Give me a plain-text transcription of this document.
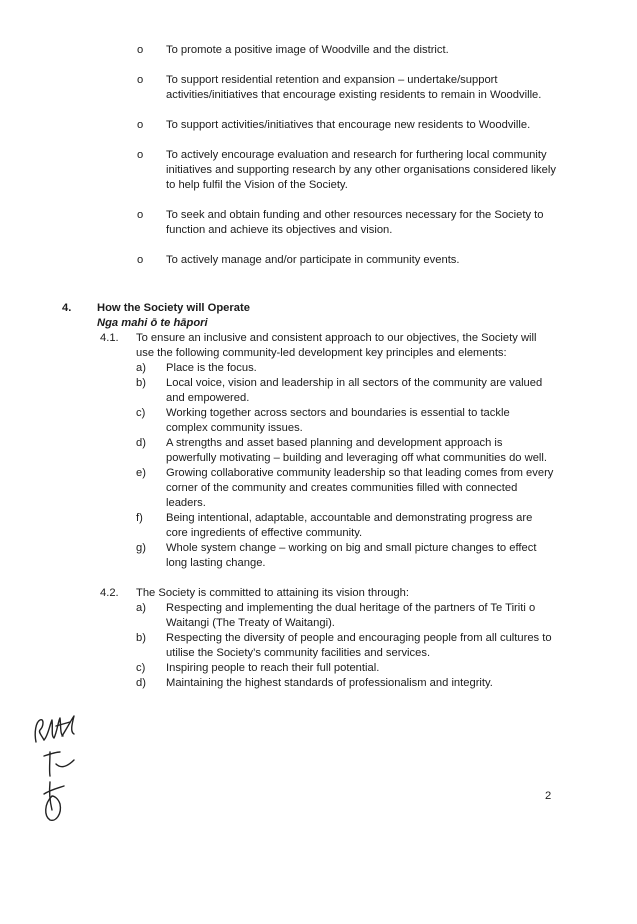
o To promote a positive image of Woodville and the district.
o To support residential retention and expansion – undertake/support activities/initiatives that encourage existing residents to remain in Woodville.
o To support activities/initiatives that encourage new residents to Woodville.
o To actively encourage evaluation and research for furthering local community initiatives and supporting research by any other organisations considered likely to help fulfil the Vision of the Society.
o To seek and obtain funding and other resources necessary for the Society to function and achieve its objectives and vision.
o To actively manage and/or participate in community events.
4. How the Society will Operate
Nga mahi ō te hāpori
4.1. To ensure an inclusive and consistent approach to our objectives, the Society will use the following community-led development key principles and elements:
a) Place is the focus.
b) Local voice, vision and leadership in all sectors of the community are valued and empowered.
c) Working together across sectors and boundaries is essential to tackle complex community issues.
d) A strengths and asset based planning and development approach is powerfully motivating – building and leveraging off what communities do well.
e) Growing collaborative community leadership so that leading comes from every corner of the community and creates communities filled with connected leaders.
f) Being intentional, adaptable, accountable and demonstrating progress are core ingredients of effective community.
g) Whole system change – working on big and small picture changes to effect long lasting change.
4.2. The Society is committed to attaining its vision through:
a) Respecting and implementing the dual heritage of the partners of Te Tiriti o Waitangi (The Treaty of Waitangi).
b) Respecting the diversity of people and encouraging people from all cultures to utilise the Society’s community facilities and services.
c) Inspiring people to reach their full potential.
d) Maintaining the highest standards of professionalism and integrity.
2
